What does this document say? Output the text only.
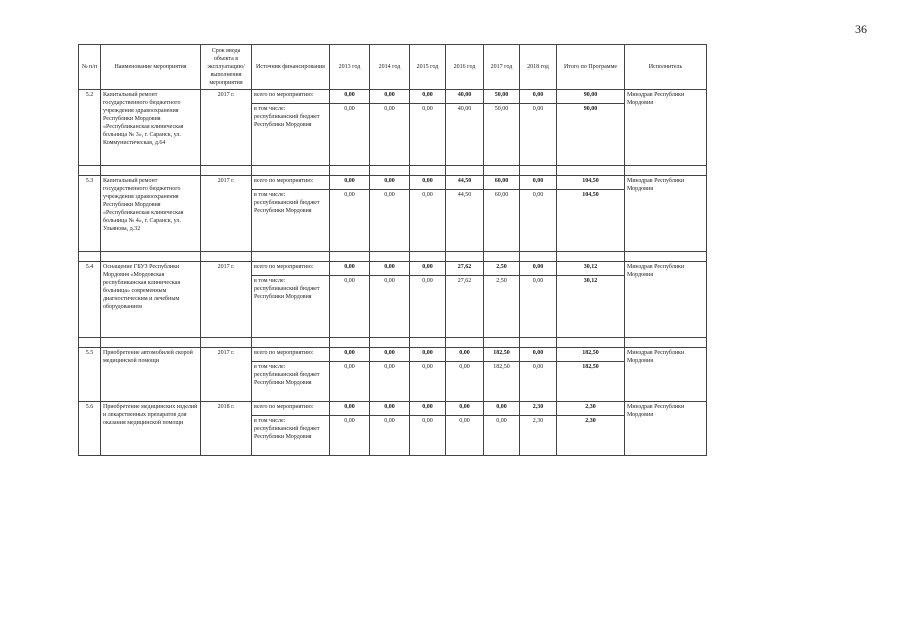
36
№ п/п	Наименование мероприятия	Срок ввода объекта в эксплуатацию/ выполнения мероприятия	Источник финансирования	2013 год	2014 год	2015 год	2016 год	2017 год	2018 год	Итого по Программе	Исполнитель
5.2	Капитальный ремонт государственного бюджетного учреждения здравоохранения Республики Мордовия «Республиканская клиническая больница № 3», г. Саранск, ул. Коммунистическая, д.64	2017 г.	всего по мероприятию:	0,00	0,00	0,00	40,00	50,00	0,00	90,00	Минздрав Республики Мордовия
			в том числе: республиканский бюджет Республики Мордовия	0,00	0,00	0,00	40,00	50,00	0,00	90,00	

5.3	Капитальный ремонт государственного бюджетного учреждения здравоохранения Республики Мордовия «Республиканская клиническая больница № 4», г. Саранск, ул. Ульянова, д.32	2017 г.	всего по мероприятию:	0,00	0,00	0,00	44,50	60,00	0,00	104,50	Минздрав Республики Мордовия
			в том числе: республиканский бюджет Республики Мордовия	0,00	0,00	0,00	44,50	60,00	0,00	104,50	

5.4	Оснащение ГБУЗ Республики Мордовия «Мордовская республиканская клиническая больница» современным диагностическим и лечебным оборудованием	2017 г.	всего по мероприятию:	0,00	0,00	0,00	27,62	2,50	0,00	30,12	Минздрав Республики Мордовия
			в том числе: республиканский бюджет Республики Мордовия	0,00	0,00	0,00	27,62	2,50	0,00	30,12	

5.5	Приобретение автомобилей скорой медицинской помощи	2017 г.	всего по мероприятию:	0,00	0,00	0,00	0,00	182,50	0,00	182,50	Минздрав Республики Мордовия
			в том числе: республиканский бюджет Республики Мордовия	0,00	0,00	0,00	0,00	182,50	0,00	182,50	
5.6	Приобретение медицинских изделий и лекарственных препаратов для оказания медицинской помощи	2018 г.	всего по мероприятию:	0,00	0,00	0,00	0,00	0,00	2,30	2,30	Минздрав Республики Мордовия
			в том числе: республиканский бюджет Республики Мордовия	0,00	0,00	0,00	0,00	0,00	2,30	2,30	
